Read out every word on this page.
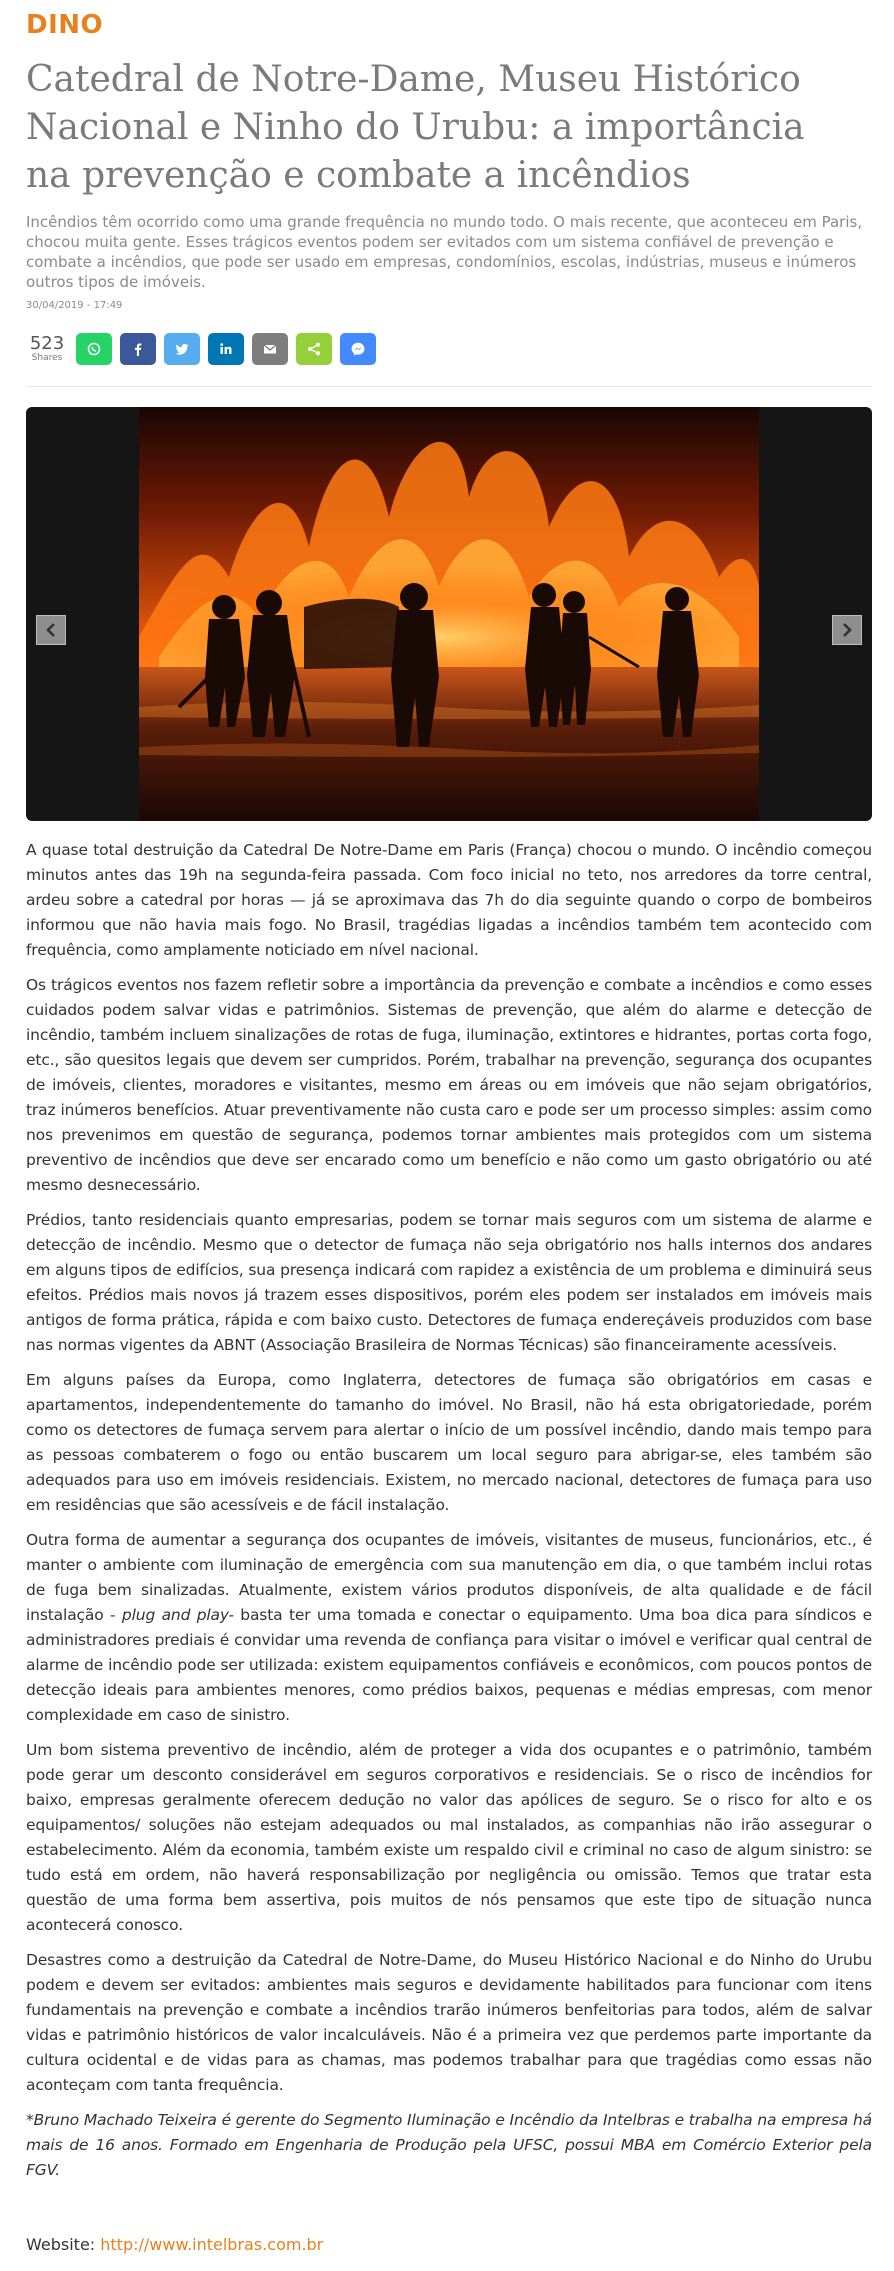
DINO
Catedral de Notre-Dame, Museu Histórico Nacional e Ninho do Urubu: a importância na prevenção e combate a incêndios

Incêndios têm ocorrido como uma grande frequência no mundo todo. O mais recente, que aconteceu em Paris, chocou muita gente. Esses trágicos eventos podem ser evitados com um sistema confiável de prevenção e combate a incêndios, que pode ser usado em empresas, condomínios, escolas, indústrias, museus e inúmeros outros tipos de imóveis.

30/04/2019 - 17:49
523
Shares

A quase total destruição da Catedral De Notre-Dame em Paris (França) chocou o mundo. O incêndio começou minutos antes das 19h na segunda-feira passada. Com foco inicial no teto, nos arredores da torre central, ardeu sobre a catedral por horas — já se aproximava das 7h do dia seguinte quando o corpo de bombeiros informou que não havia mais fogo. No Brasil, tragédias ligadas a incêndios também tem acontecido com frequência, como amplamente noticiado em nível nacional.

Os trágicos eventos nos fazem refletir sobre a importância da prevenção e combate a incêndios e como esses cuidados podem salvar vidas e patrimônios. Sistemas de prevenção, que além do alarme e detecção de incêndio, também incluem sinalizações de rotas de fuga, iluminação, extintores e hidrantes, portas corta fogo, etc., são quesitos legais que devem ser cumpridos. Porém, trabalhar na prevenção, segurança dos ocupantes de imóveis, clientes, moradores e visitantes, mesmo em áreas ou em imóveis que não sejam obrigatórios, traz inúmeros benefícios. Atuar preventivamente não custa caro e pode ser um processo simples: assim como nos prevenimos em questão de segurança, podemos tornar ambientes mais protegidos com um sistema preventivo de incêndios que deve ser encarado como um benefício e não como um gasto obrigatório ou até mesmo desnecessário.

Prédios, tanto residenciais quanto empresarias, podem se tornar mais seguros com um sistema de alarme e detecção de incêndio. Mesmo que o detector de fumaça não seja obrigatório nos halls internos dos andares em alguns tipos de edifícios, sua presença indicará com rapidez a existência de um problema e diminuirá seus efeitos. Prédios mais novos já trazem esses dispositivos, porém eles podem ser instalados em imóveis mais antigos de forma prática, rápida e com baixo custo. Detectores de fumaça endereçáveis produzidos com base nas normas vigentes da ABNT (Associação Brasileira de Normas Técnicas) são financeiramente acessíveis.

Em alguns países da Europa, como Inglaterra, detectores de fumaça são obrigatórios em casas e apartamentos, independentemente do tamanho do imóvel. No Brasil, não há esta obrigatoriedade, porém como os detectores de fumaça servem para alertar o início de um possível incêndio, dando mais tempo para as pessoas combaterem o fogo ou então buscarem um local seguro para abrigar-se, eles também são adequados para uso em imóveis residenciais. Existem, no mercado nacional, detectores de fumaça para uso em residências que são acessíveis e de fácil instalação.

Outra forma de aumentar a segurança dos ocupantes de imóveis, visitantes de museus, funcionários, etc., é manter o ambiente com iluminação de emergência com sua manutenção em dia, o que também inclui rotas de fuga bem sinalizadas. Atualmente, existem vários produtos disponíveis, de alta qualidade e de fácil instalação - plug and play- basta ter uma tomada e conectar o equipamento. Uma boa dica para síndicos e administradores prediais é convidar uma revenda de confiança para visitar o imóvel e verificar qual central de alarme de incêndio pode ser utilizada: existem equipamentos confiáveis e econômicos, com poucos pontos de detecção ideais para ambientes menores, como prédios baixos, pequenas e médias empresas, com menor complexidade em caso de sinistro.

Um bom sistema preventivo de incêndio, além de proteger a vida dos ocupantes e o patrimônio, também pode gerar um desconto considerável em seguros corporativos e residenciais. Se o risco de incêndios for baixo, empresas geralmente oferecem dedução no valor das apólices de seguro. Se o risco for alto e os equipamentos/ soluções não estejam adequados ou mal instalados, as companhias não irão assegurar o estabelecimento. Além da economia, também existe um respaldo civil e criminal no caso de algum sinistro: se tudo está em ordem, não haverá responsabilização por negligência ou omissão. Temos que tratar esta questão de uma forma bem assertiva, pois muitos de nós pensamos que este tipo de situação nunca acontecerá conosco.

Desastres como a destruição da Catedral de Notre-Dame, do Museu Histórico Nacional e do Ninho do Urubu podem e devem ser evitados: ambientes mais seguros e devidamente habilitados para funcionar com itens fundamentais na prevenção e combate a incêndios trarão inúmeros benfeitorias para todos, além de salvar vidas e patrimônio históricos de valor incalculáveis. Não é a primeira vez que perdemos parte importante da cultura ocidental e de vidas para as chamas, mas podemos trabalhar para que tragédias como essas não aconteçam com tanta frequência.

*Bruno Machado Teixeira é gerente do Segmento Iluminação e Incêndio da Intelbras e trabalha na empresa há mais de 16 anos. Formado em Engenharia de Produção pela UFSC, possui MBA em Comércio Exterior pela FGV.

Website: http://www.intelbras.com.br
